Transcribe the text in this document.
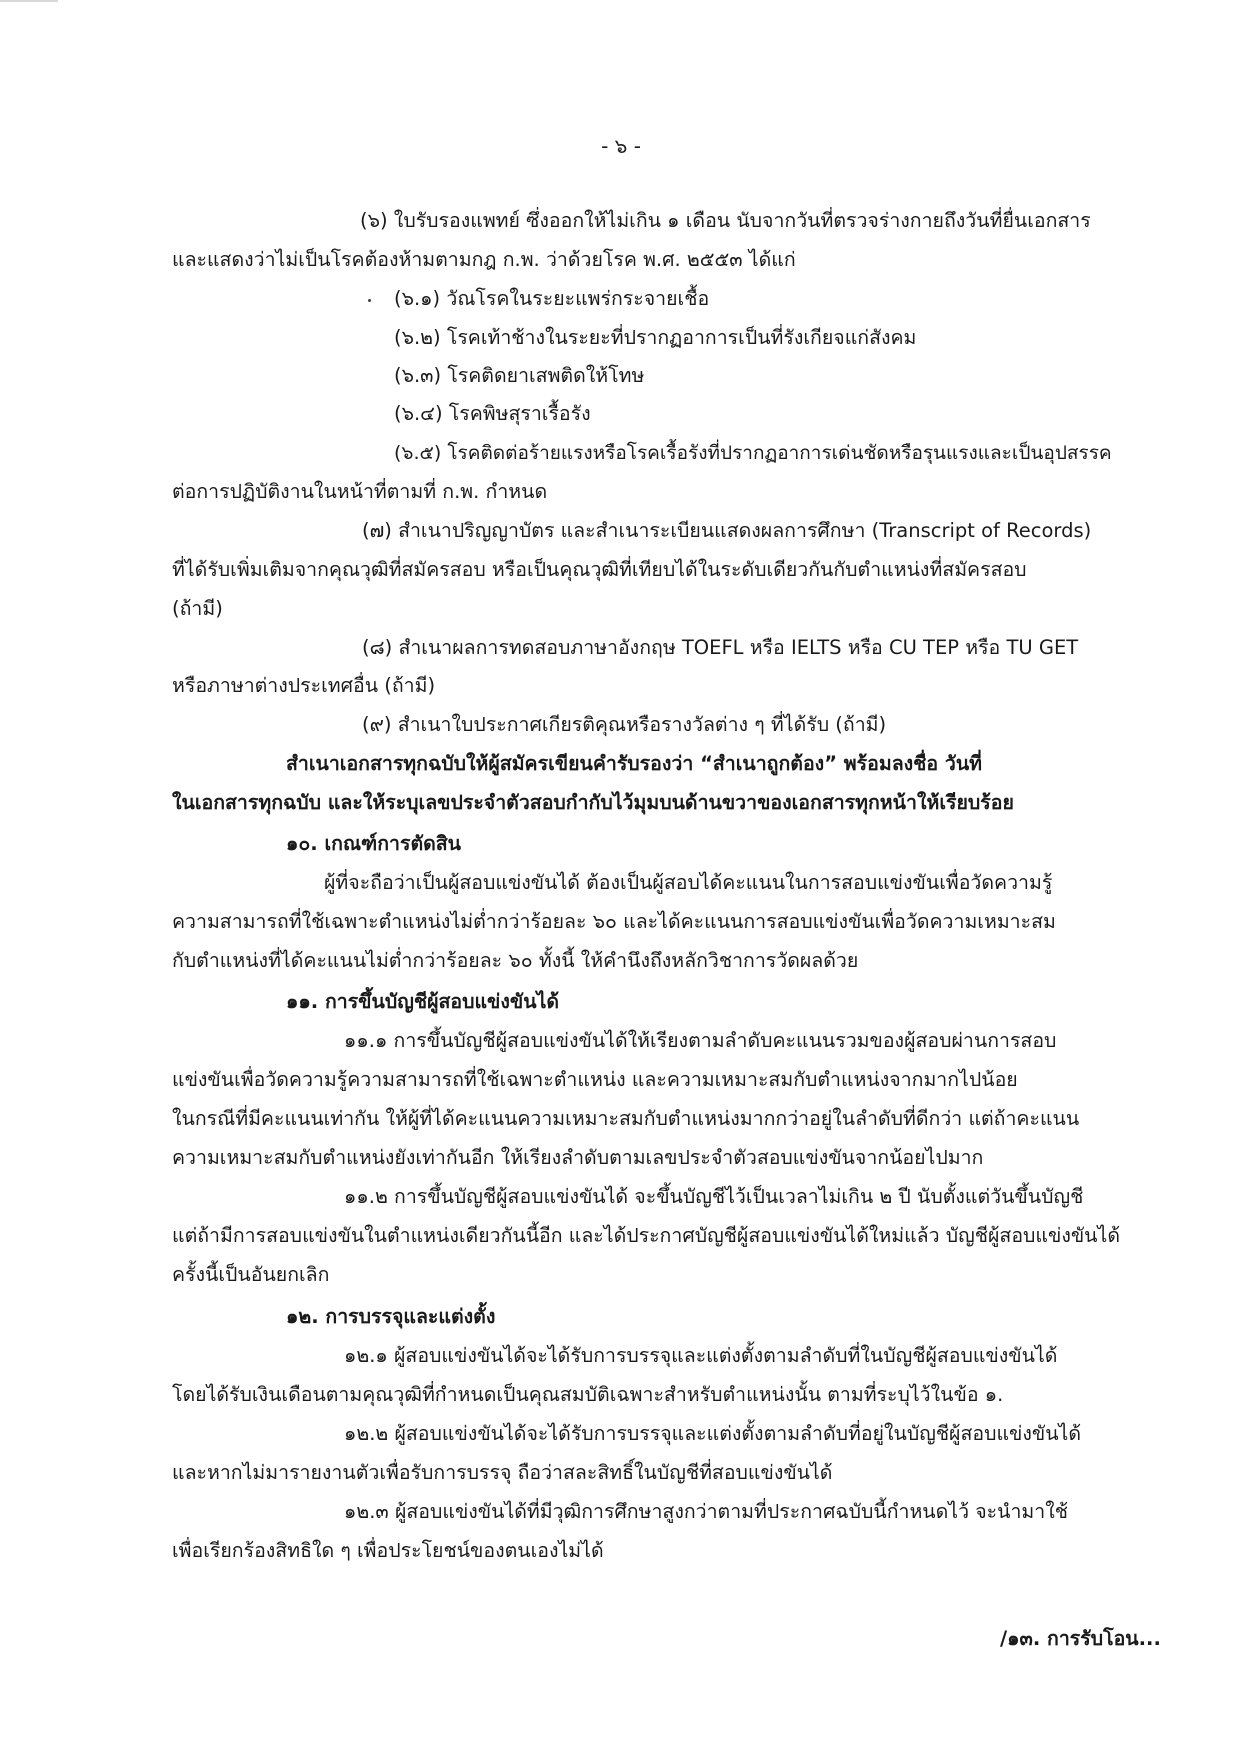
- ๖ -
(๖) ใบรับรองแพทย์ ซึ่งออกให้ไม่เกิน ๑ เดือน นับจากวันที่ตรวจร่างกายถึงวันที่ยื่นเอกสาร
และแสดงว่าไม่เป็นโรคต้องห้ามตามกฎ ก.พ. ว่าด้วยโรค พ.ศ. ๒๕๕๓ ได้แก่
(๖.๑) วัณโรคในระยะแพร่กระจายเชื้อ
(๖.๒) โรคเท้าช้างในระยะที่ปรากฏอาการเป็นที่รังเกียจแก่สังคม
(๖.๓) โรคติดยาเสพติดให้โทษ
(๖.๔) โรคพิษสุราเรื้อรัง
(๖.๕) โรคติดต่อร้ายแรงหรือโรคเรื้อรังที่ปรากฏอาการเด่นชัดหรือรุนแรงและเป็นอุปสรรค
ต่อการปฏิบัติงานในหน้าที่ตามที่ ก.พ. กำหนด
(๗) สำเนาปริญญาบัตร และสำเนาระเบียนแสดงผลการศึกษา (Transcript of Records)
ที่ได้รับเพิ่มเติมจากคุณวุฒิที่สมัครสอบ หรือเป็นคุณวุฒิที่เทียบได้ในระดับเดียวกันกับตำแหน่งที่สมัครสอบ
(ถ้ามี)
(๘) สำเนาผลการทดสอบภาษาอังกฤษ TOEFL หรือ IELTS หรือ CU TEP หรือ TU GET
หรือภาษาต่างประเทศอื่น (ถ้ามี)
(๙) สำเนาใบประกาศเกียรติคุณหรือรางวัลต่าง ๆ ที่ได้รับ (ถ้ามี)
สำเนาเอกสารทุกฉบับให้ผู้สมัครเขียนคำรับรองว่า “สำเนาถูกต้อง” พร้อมลงชื่อ วันที่
ในเอกสารทุกฉบับ และให้ระบุเลขประจำตัวสอบกำกับไว้มุมบนด้านขวาของเอกสารทุกหน้าให้เรียบร้อย
๑๐. เกณฑ์การตัดสิน
ผู้ที่จะถือว่าเป็นผู้สอบแข่งขันได้ ต้องเป็นผู้สอบได้คะแนนในการสอบแข่งขันเพื่อวัดความรู้
ความสามารถที่ใช้เฉพาะตำแหน่งไม่ต่ำกว่าร้อยละ ๖๐ และได้คะแนนการสอบแข่งขันเพื่อวัดความเหมาะสม
กับตำแหน่งที่ได้คะแนนไม่ต่ำกว่าร้อยละ ๖๐ ทั้งนี้ ให้คำนึงถึงหลักวิชาการวัดผลด้วย
๑๑. การขึ้นบัญชีผู้สอบแข่งขันได้
๑๑.๑ การขึ้นบัญชีผู้สอบแข่งขันได้ให้เรียงตามลำดับคะแนนรวมของผู้สอบผ่านการสอบ
แข่งขันเพื่อวัดความรู้ความสามารถที่ใช้เฉพาะตำแหน่ง และความเหมาะสมกับตำแหน่งจากมากไปน้อย
ในกรณีที่มีคะแนนเท่ากัน ให้ผู้ที่ได้คะแนนความเหมาะสมกับตำแหน่งมากกว่าอยู่ในลำดับที่ดีกว่า แต่ถ้าคะแนน
ความเหมาะสมกับตำแหน่งยังเท่ากันอีก ให้เรียงลำดับตามเลขประจำตัวสอบแข่งขันจากน้อยไปมาก
๑๑.๒ การขึ้นบัญชีผู้สอบแข่งขันได้ จะขึ้นบัญชีไว้เป็นเวลาไม่เกิน ๒ ปี นับตั้งแต่วันขึ้นบัญชี
แต่ถ้ามีการสอบแข่งขันในตำแหน่งเดียวกันนี้อีก และได้ประกาศบัญชีผู้สอบแข่งขันได้ใหม่แล้ว บัญชีผู้สอบแข่งขันได้
ครั้งนี้เป็นอันยกเลิก
๑๒. การบรรจุและแต่งตั้ง
๑๒.๑ ผู้สอบแข่งขันได้จะได้รับการบรรจุและแต่งตั้งตามลำดับที่ในบัญชีผู้สอบแข่งขันได้
โดยได้รับเงินเดือนตามคุณวุฒิที่กำหนดเป็นคุณสมบัติเฉพาะสำหรับตำแหน่งนั้น ตามที่ระบุไว้ในข้อ ๑.
๑๒.๒ ผู้สอบแข่งขันได้จะได้รับการบรรจุและแต่งตั้งตามลำดับที่อยู่ในบัญชีผู้สอบแข่งขันได้
และหากไม่มารายงานตัวเพื่อรับการบรรจุ ถือว่าสละสิทธิ์ในบัญชีที่สอบแข่งขันได้
๑๒.๓ ผู้สอบแข่งขันได้ที่มีวุฒิการศึกษาสูงกว่าตามที่ประกาศฉบับนี้กำหนดไว้ จะนำมาใช้
เพื่อเรียกร้องสิทธิใด ๆ เพื่อประโยชน์ของตนเองไม่ได้
/๑๓. การรับโอน...
